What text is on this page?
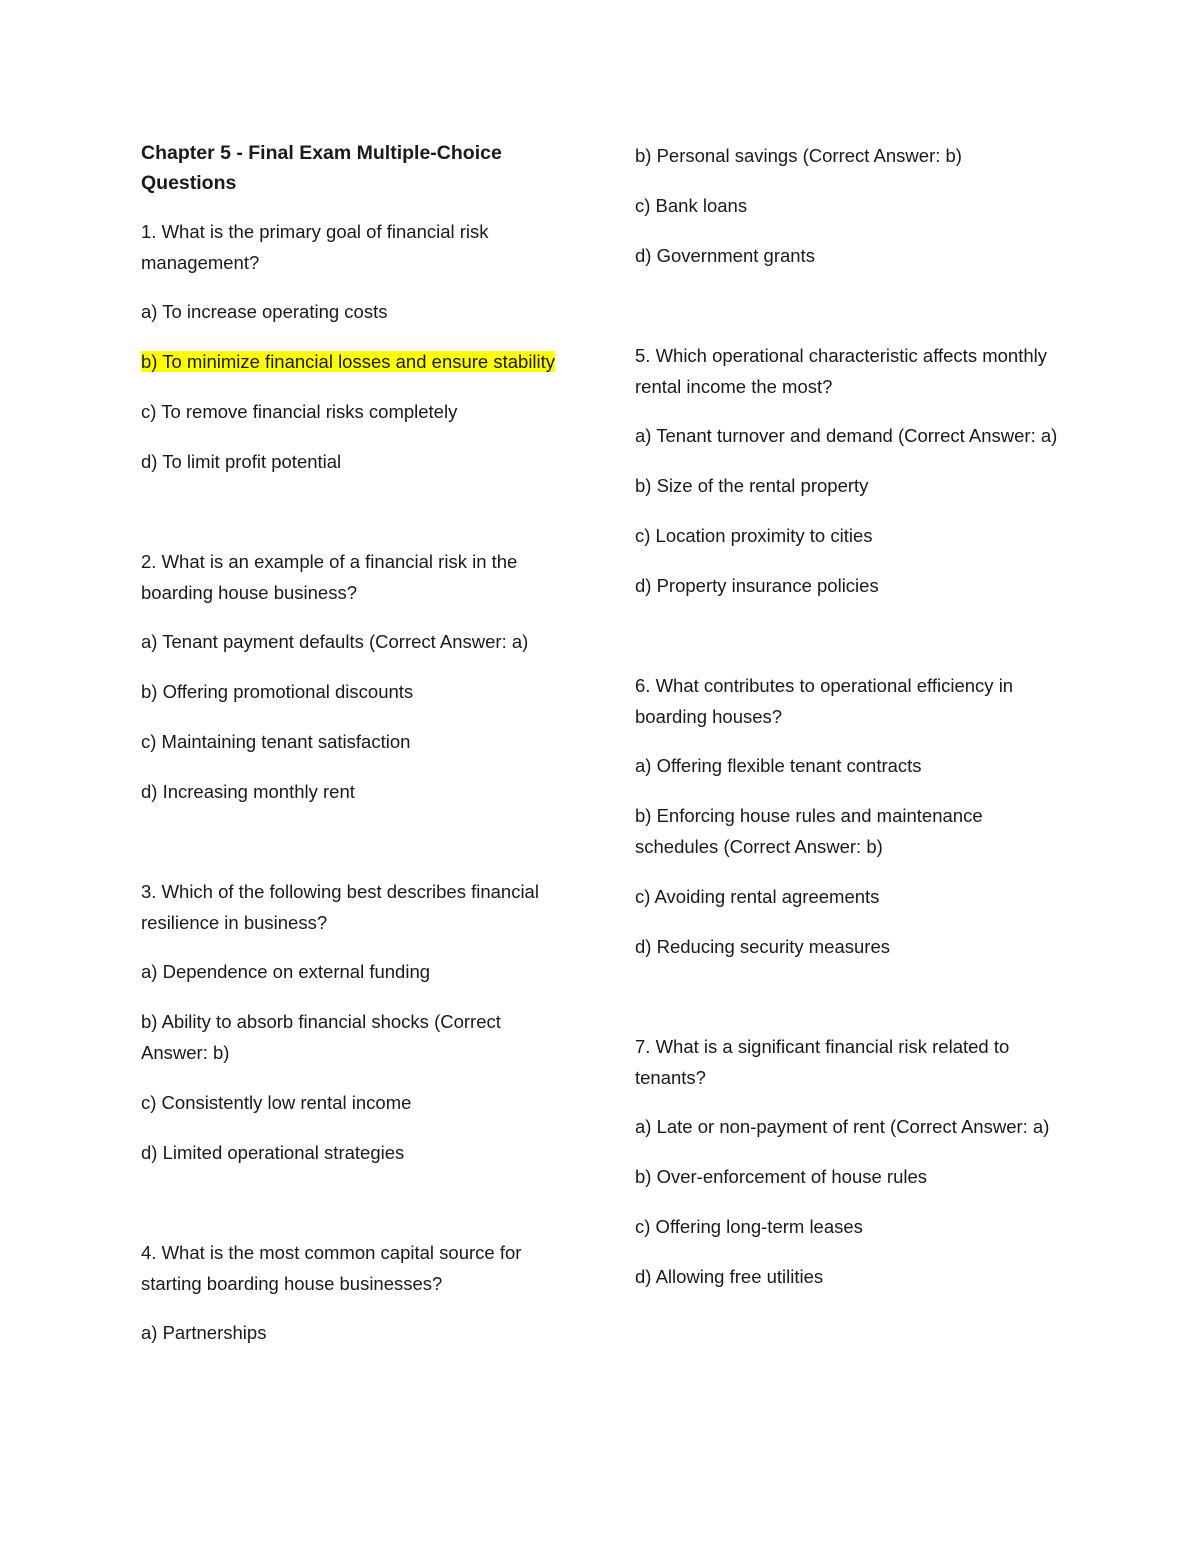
Chapter 5 - Final Exam Multiple-Choice Questions

1. What is the primary goal of financial risk management?

a) To increase operating costs

b) To minimize financial losses and ensure stability

c) To remove financial risks completely

d) To limit profit potential

2. What is an example of a financial risk in the boarding house business?

a) Tenant payment defaults (Correct Answer: a)

b) Offering promotional discounts

c) Maintaining tenant satisfaction

d) Increasing monthly rent

3. Which of the following best describes financial resilience in business?

a) Dependence on external funding

b) Ability to absorb financial shocks (Correct Answer: b)

c) Consistently low rental income

d) Limited operational strategies

4. What is the most common capital source for starting boarding house businesses?

a) Partnerships

b) Personal savings (Correct Answer: b)

c) Bank loans

d) Government grants

5. Which operational characteristic affects monthly rental income the most?

a) Tenant turnover and demand (Correct Answer: a)

b) Size of the rental property

c) Location proximity to cities

d) Property insurance policies

6. What contributes to operational efficiency in boarding houses?

a) Offering flexible tenant contracts

b) Enforcing house rules and maintenance schedules (Correct Answer: b)

c) Avoiding rental agreements

d) Reducing security measures

7. What is a significant financial risk related to tenants?

a) Late or non-payment of rent (Correct Answer: a)

b) Over-enforcement of house rules

c) Offering long-term leases

d) Allowing free utilities
